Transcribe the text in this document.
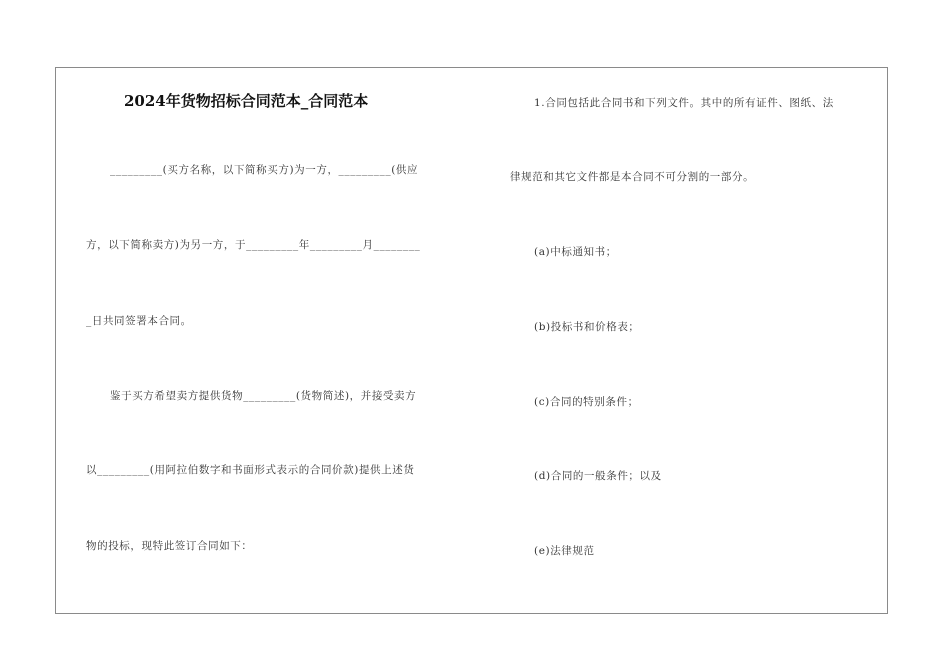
2024年货物招标合同范本_合同范本
_________(买方名称，以下简称买方)为一方，_________(供应
方，以下简称卖方)为另一方，于_________年_________月________
_日共同签署本合同。
鉴于买方希望卖方提供货物_________(货物简述)，并接受卖方
以_________(用阿拉伯数字和书面形式表示的合同价款)提供上述货
物的投标，现特此签订合同如下：
1.合同包括此合同书和下列文件。其中的所有证件、图纸、法
律规范和其它文件都是本合同不可分割的一部分。
(a)中标通知书；
(b)投标书和价格表；
(c)合同的特别条件；
(d)合同的一般条件；以及
(e)法律规范
